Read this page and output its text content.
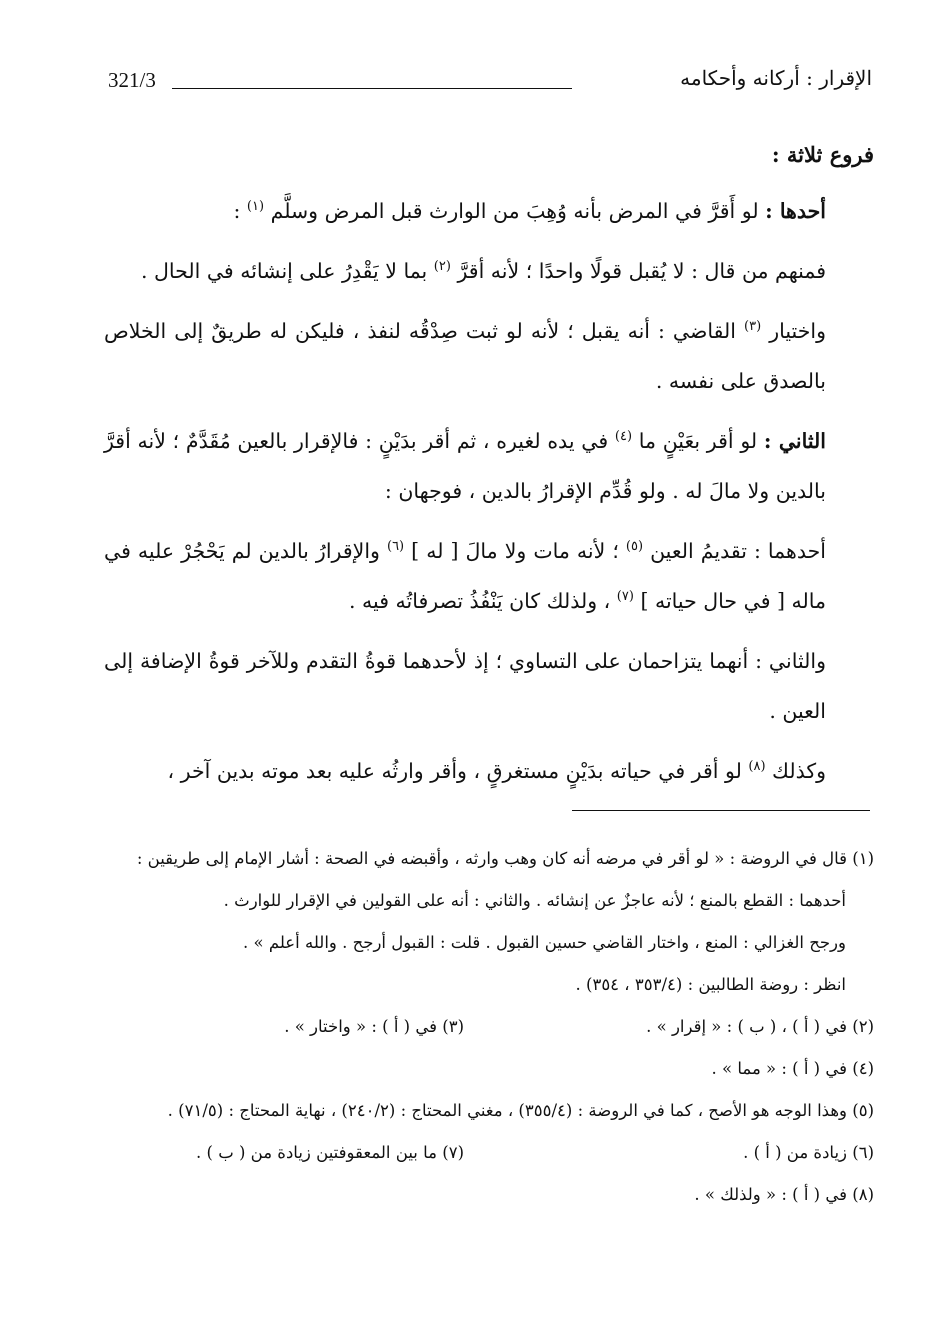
321/3	الإقرار : أركانه وأحكامه

فروع ثلاثة :

أحدها : لو أَقرَّ في المرض بأنه وُهِبَ من الوارث قبل المرض وسلَّم $^{(١)}$ :

فمنهم من قال : لا يُقبل قولًا واحدًا ؛ لأنه أقرَّ $^{(٢)}$ بما لا يَقْدِرُ على إنشائه في الحال .

واختيار $^{(٣)}$ القاضي : أنه يقبل ؛ لأنه لو ثبت صِدْقُه لنفذ ، فليكن له طريقٌ إلى الخلاص بالصدق على نفسه .

الثاني : لو أقر بعَيْنٍ ما $^{(٤)}$ في يده لغيره ، ثم أقر بدَيْنٍ : فالإقرار بالعين مُقَدَّمٌ ؛ لأنه أقرَّ بالدين ولا مالَ له . ولو قُدِّم الإقرارُ بالدين ، فوجهان :

أحدهما : تقديمُ العين $^{(٥)}$ ؛ لأنه مات ولا مالَ [ له ] $^{(٦)}$ والإقرارُ بالدين لم يَحْجُرْ عليه في ماله [ في حال حياته ] $^{(٧)}$ ، ولذلك كان يَنْفُذُ تصرفاتُه فيه .

والثاني : أنهما يتزاحمان على التساوي ؛ إذ لأحدهما قوةُ التقدم وللآخر قوةُ الإضافة إلى العين .

وكذلك $^{(٨)}$ لو أقر في حياته بدَيْنٍ مستغرقٍ ، وأقر وارثُه عليه بعد موته بدين آخر ،

(١) قال في الروضة : « لو أقر في مرضه أنه كان وهب وارثه ، وأقبضه في الصحة : أشار الإمام إلى طريقين :

أحدهما : القطع بالمنع ؛ لأنه عاجزٌ عن إنشائه . والثاني : أنه على القولين في الإقرار للوارث .

ورجح الغزالي : المنع ، واختار القاضي حسين القبول . قلت : القبول أرجح . والله أعلم » .

انظر : روضة الطالبين : (٣٥٣/٤ ، ٣٥٤) .

(٢) في ( أ ) ، ( ب ) : « إقرار » .
(٣) في ( أ ) : « واختار » .

(٤) في ( أ ) : « مما » .

(٥) وهذا الوجه هو الأصح ، كما في الروضة : (٣٥٥/٤) ، مغني المحتاج : (٢٤٠/٢) ، نهاية المحتاج : (٧١/٥) .

(٦) زيادة من ( أ ) .
(٧) ما بين المعقوفتين زيادة من ( ب ) .

(٨) في ( أ ) : « ولذلك » .
